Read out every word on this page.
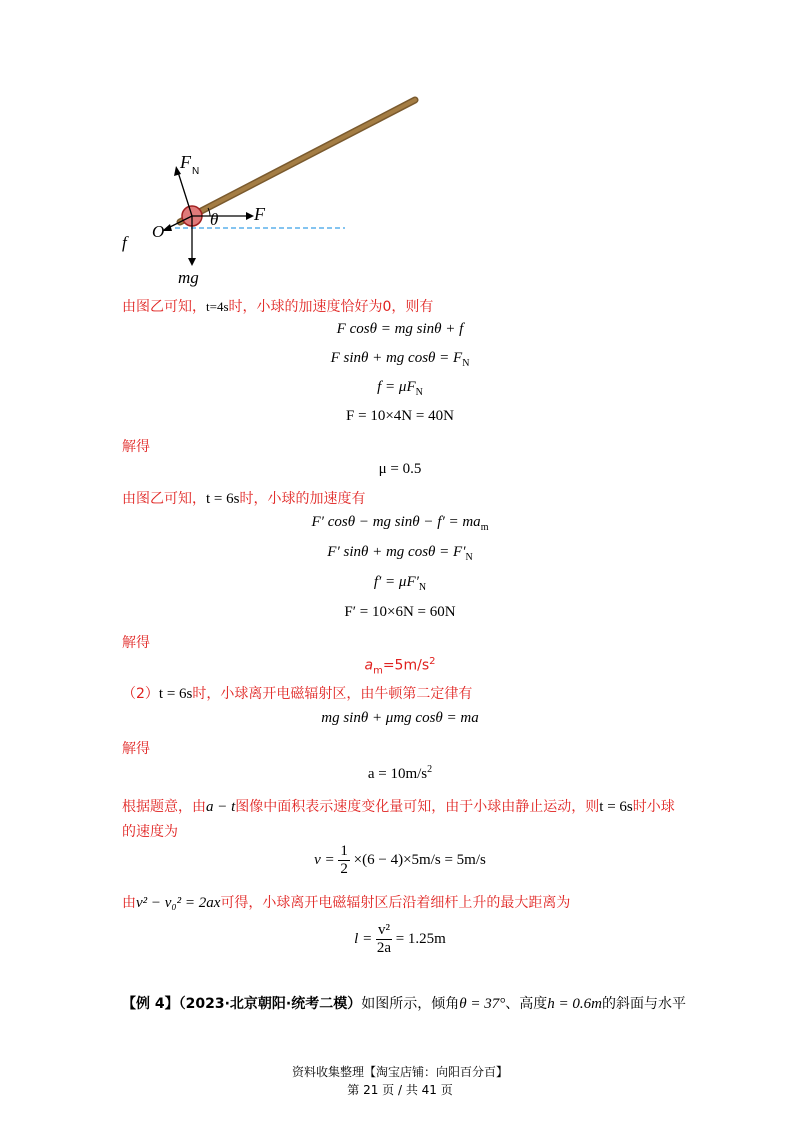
F N
F
θ
O
f
mg
由图乙可知，t=4s时，小球的加速度恰好为0，则有
F cosθ = mg sinθ + f
F sinθ + mg $\cos\theta = F_N$
$f = \mu F_N$
F = 10×4N = 40N
解得
μ = 0.5
由图乙可知，t = 6s时，小球的加速度有
F′ cosθ − mg $\sin\theta - f' = ma_m$
F′ sinθ + mg $\cos\theta = F'_N$
$f' = \mu F'_N$
F′ = 10×6N = 60N
解得
$a_m=5m/s^2$
（2）t = 6s时，小球离开电磁辐射区，由牛顿第二定律有
mg sinθ + μmg cosθ = ma
解得
$a = 10m/s^2$
根据题意，由a − t图像中面积表示速度变化量可知，由于小球由静止运动，则t = 6s时小球
的速度为
$v = \frac{1}{2} \times(6 - 4)\times 5m/s = 5m/s$
由v² − v₀² = 2ax可得，小球离开电磁辐射区后沿着细杆上升的最大距离为
$l = \frac{\text{v²}}{2a} = 1.25m$
【例 4】（2023·北京朝阳·统考二模）如图所示，倾角θ = 37°、高度h = 0.6m的斜面与水平
资料收集整理【淘宝店铺：向阳百分百】
第 21 页 / 共 41 页
